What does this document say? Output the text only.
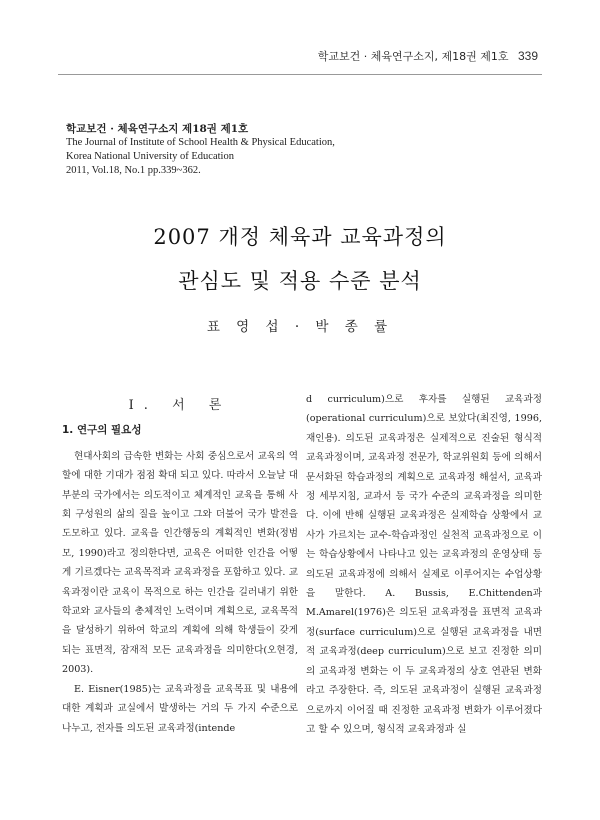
학교보건 · 체육연구소지, 제18권 제1호 339
학교보건 · 체육연구소지 제18권 제1호
The Journal of Institute of School Health & Physical Education,
Korea National University of Education
2011, Vol.18, No.1 pp.339~362.
2007 개정 체육과 교육과정의
관심도 및 적용 수준 분석
표 영 섭 · 박 종 률
I. 서 론
1. 연구의 필요성

현대사회의 급속한 변화는 사회 중심으로서 교육의 역할에 대한 기대가 점점 확대 되고 있다. 따라서 오늘날 대부분의 국가에서는 의도적이고 체계적인 교육을 통해 사회 구성원의 삶의 질을 높이고 그와 더불어 국가 발전을 도모하고 있다. 교육을 인간행동의 계획적인 변화(정범모, 1990)라고 정의한다면, 교육은 어떠한 인간을 어떻게 기르겠다는 교육목적과 교육과정을 포함하고 있다. 교육과정이란 교육이 목적으로 하는 인간을 길러내기 위한 학교와 교사들의 총체적인 노력이며 계획으로, 교육목적을 달성하기 위하여 학교의 계획에 의해 학생들이 갖게 되는 표면적, 잠재적 모든 교육과정을 의미한다(오현경, 2003).

E. Eisner(1985)는 교육과정을 교육목표 및 내용에 대한 계획과 교실에서 발생하는 거의 두 가지 수준으로 나누고, 전자를 의도된 교육과정(intende

d curriculum)으로 후자를 실행된 교육과정(operational curriculum)으로 보았다(최진영, 1996, 재인용). 의도된 교육과정은 실제적으로 진술된 형식적 교육과정이며, 교육과정 전문가, 학교위원회 등에 의해서 문서화된 학습과정의 계획으로 교육과정 해설서, 교육과정 세부지침, 교과서 등 국가 수준의 교육과정을 의미한다. 이에 반해 실행된 교육과정은 실제학습 상황에서 교사가 가르치는 교수-학습과정인 실천적 교육과정으로 이는 학습상황에서 나타나고 있는 교육과정의 운영상태 등 의도된 교육과정에 의해서 실제로 이루어지는 수업상황을 말한다. A. Bussis, E.Chittenden과 M.Amarel(1976)은 의도된 교육과정을 표면적 교육과정(surface curriculum)으로 실행된 교육과정을 내면적 교육과정(deep curriculum)으로 보고 진정한 의미의 교육과정 변화는 이 두 교육과정의 상호 연관된 변화라고 주장한다. 즉, 의도된 교육과정이 실행된 교육과정으로까지 이어질 때 진정한 교육과정 변화가 이루어졌다고 할 수 있으며, 형식적 교육과정과 실
